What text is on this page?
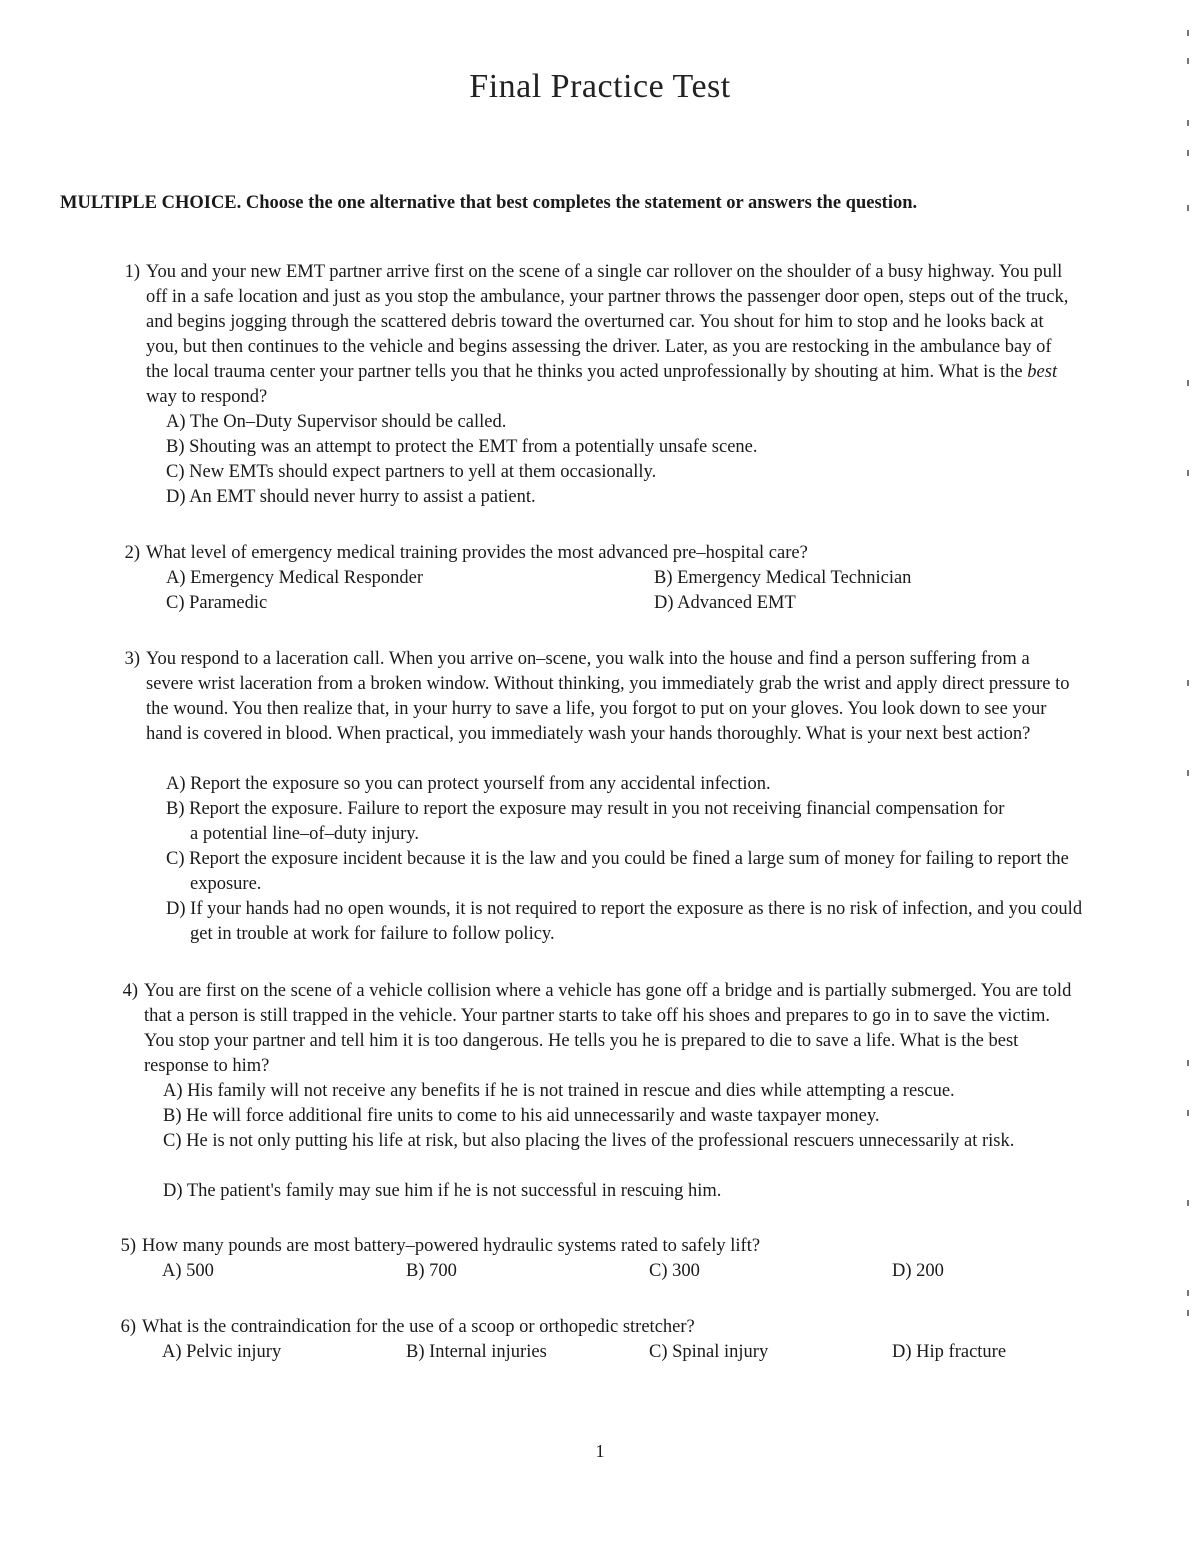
Final Practice Test
MULTIPLE CHOICE. Choose the one alternative that best completes the statement or answers the question.
1) You and your new EMT partner arrive first on the scene of a single car rollover on the shoulder of a busy highway. You pull off in a safe location and just as you stop the ambulance, your partner throws the passenger door open, steps out of the truck, and begins jogging through the scattered debris toward the overturned car. You shout for him to stop and he looks back at you, but then continues to the vehicle and begins assessing the driver. Later, as you are restocking in the ambulance bay of the local trauma center your partner tells you that he thinks you acted unprofessionally by shouting at him. What is the best way to respond?
A) The On–Duty Supervisor should be called.
B) Shouting was an attempt to protect the EMT from a potentially unsafe scene.
C) New EMTs should expect partners to yell at them occasionally.
D) An EMT should never hurry to assist a patient.
2) What level of emergency medical training provides the most advanced pre–hospital care?
A) Emergency Medical Responder	B) Emergency Medical Technician
C) Paramedic	D) Advanced EMT
3) You respond to a laceration call. When you arrive on–scene, you walk into the house and find a person suffering from a severe wrist laceration from a broken window. Without thinking, you immediately grab the wrist and apply direct pressure to the wound. You then realize that, in your hurry to save a life, you forgot to put on your gloves. You look down to see your hand is covered in blood. When practical, you immediately wash your hands thoroughly. What is your next best action?
A) Report the exposure so you can protect yourself from any accidental infection.
B) Report the exposure. Failure to report the exposure may result in you not receiving financial compensation for a potential line–of–duty injury.
C) Report the exposure incident because it is the law and you could be fined a large sum of money for failing to report the exposure.
D) If your hands had no open wounds, it is not required to report the exposure as there is no risk of infection, and you could get in trouble at work for failure to follow policy.
4) You are first on the scene of a vehicle collision where a vehicle has gone off a bridge and is partially submerged. You are told that a person is still trapped in the vehicle. Your partner starts to take off his shoes and prepares to go in to save the victim. You stop your partner and tell him it is too dangerous. He tells you he is prepared to die to save a life. What is the best response to him?
A) His family will not receive any benefits if he is not trained in rescue and dies while attempting a rescue.
B) He will force additional fire units to come to his aid unnecessarily and waste taxpayer money.
C) He is not only putting his life at risk, but also placing the lives of the professional rescuers unnecessarily at risk.
D) The patient's family may sue him if he is not successful in rescuing him.
5) How many pounds are most battery–powered hydraulic systems rated to safely lift?
A) 500	B) 700	C) 300	D) 200
6) What is the contraindication for the use of a scoop or orthopedic stretcher?
A) Pelvic injury	B) Internal injuries	C) Spinal injury	D) Hip fracture
1
